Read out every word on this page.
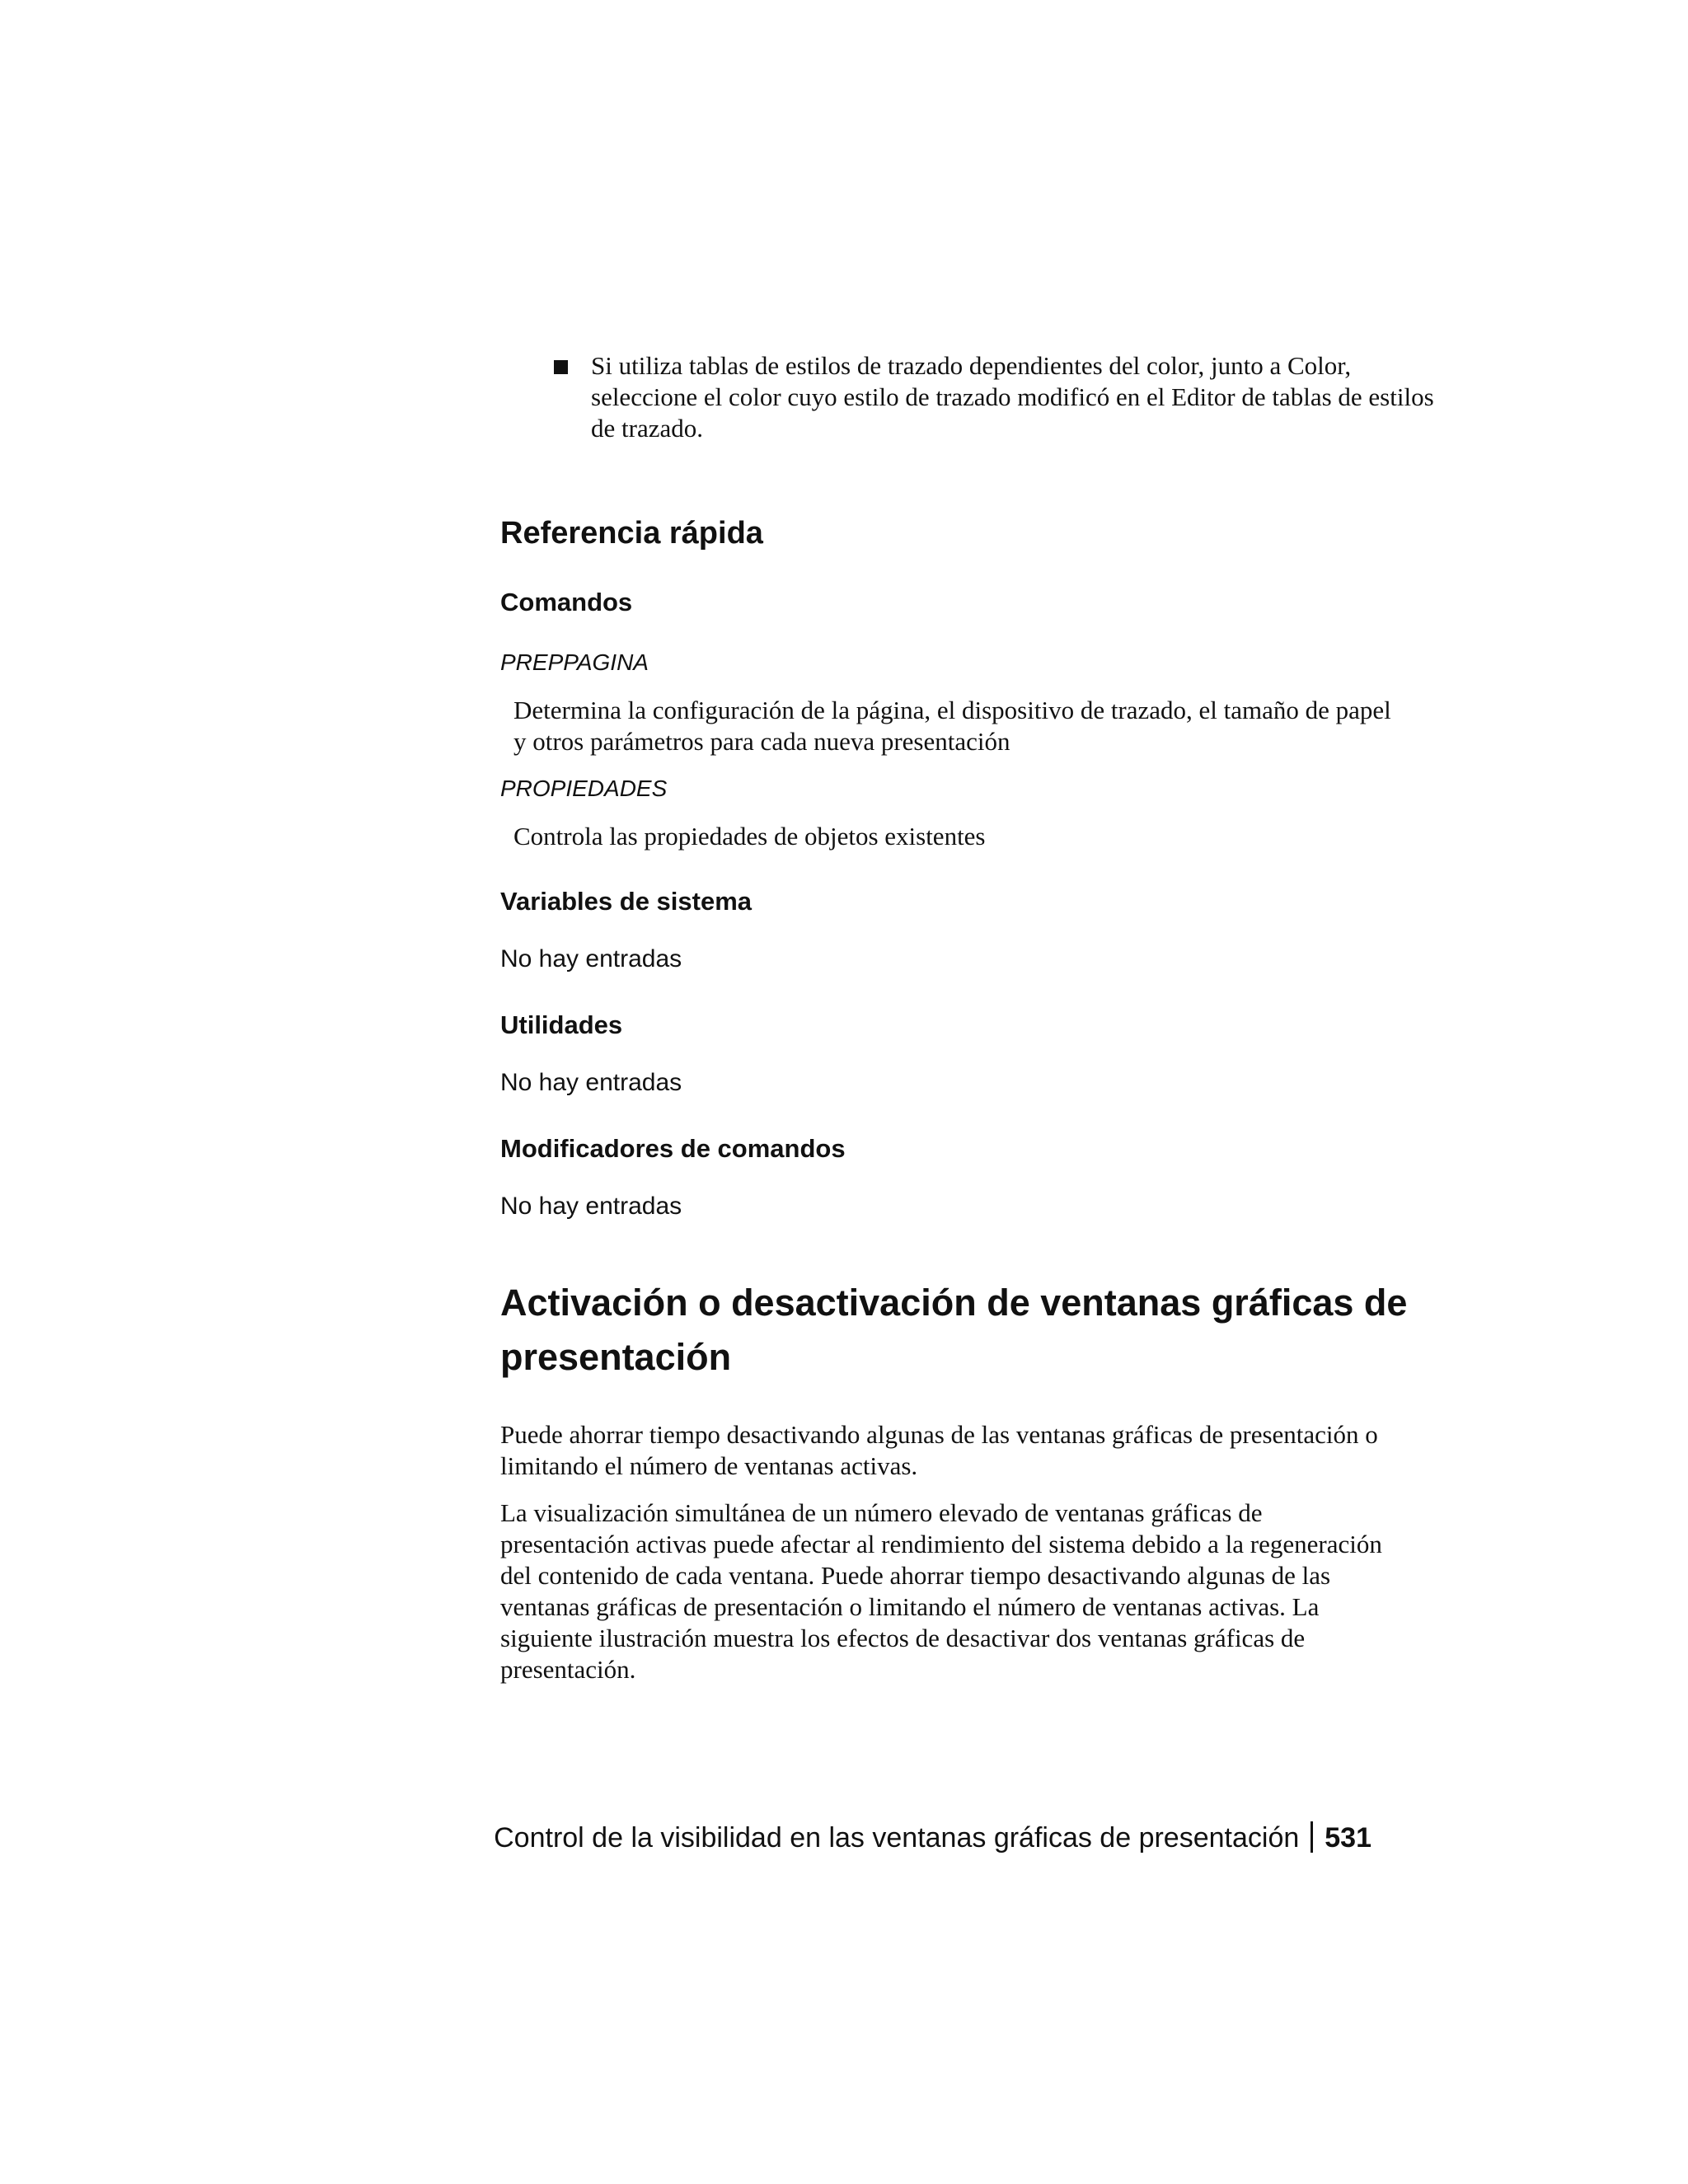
Si utiliza tablas de estilos de trazado dependientes del color, junto a Color, seleccione el color cuyo estilo de trazado modificó en el Editor de tablas de estilos de trazado.
Referencia rápida
Comandos
PREPPAGINA
Determina la configuración de la página, el dispositivo de trazado, el tamaño de papel y otros parámetros para cada nueva presentación
PROPIEDADES
Controla las propiedades de objetos existentes
Variables de sistema
No hay entradas
Utilidades
No hay entradas
Modificadores de comandos
No hay entradas
Activación o desactivación de ventanas gráficas de presentación
Puede ahorrar tiempo desactivando algunas de las ventanas gráficas de presentación o limitando el número de ventanas activas.
La visualización simultánea de un número elevado de ventanas gráficas de presentación activas puede afectar al rendimiento del sistema debido a la regeneración del contenido de cada ventana. Puede ahorrar tiempo desactivando algunas de las ventanas gráficas de presentación o limitando el número de ventanas activas. La siguiente ilustración muestra los efectos de desactivar dos ventanas gráficas de presentación.
Control de la visibilidad en las ventanas gráficas de presentación 531
